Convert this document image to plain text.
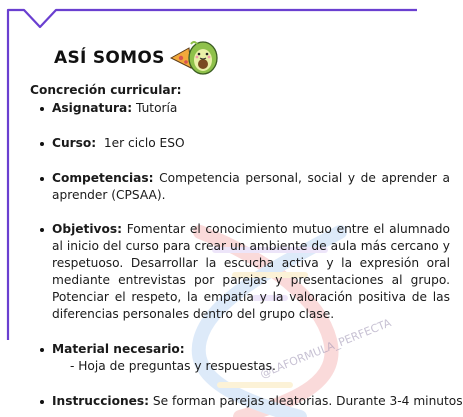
@LAFORMULA_PERFECTA
ASÍ SOMOS

Concreción curricular:

Asignatura: Tutoría
Curso:  1er ciclo ESO
Competencias: Competencia personal, social y de aprender a aprender (CPSAA).
Objetivos: Fomentar el conocimiento mutuo entre el alumnado al inicio del curso para crear un ambiente de aula más cercano y respetuoso. Desarrollar la escucha activa y la expresión oral mediante entrevistas por parejas y presentaciones al grupo. Potenciar el respeto, la empatía y la valoración positiva de las diferencias personales dentro del grupo clase.
Material necesario:
- Hoja de preguntas y respuestas.
Instrucciones: Se forman parejas aleatorias. Durante 3-4 minutos
